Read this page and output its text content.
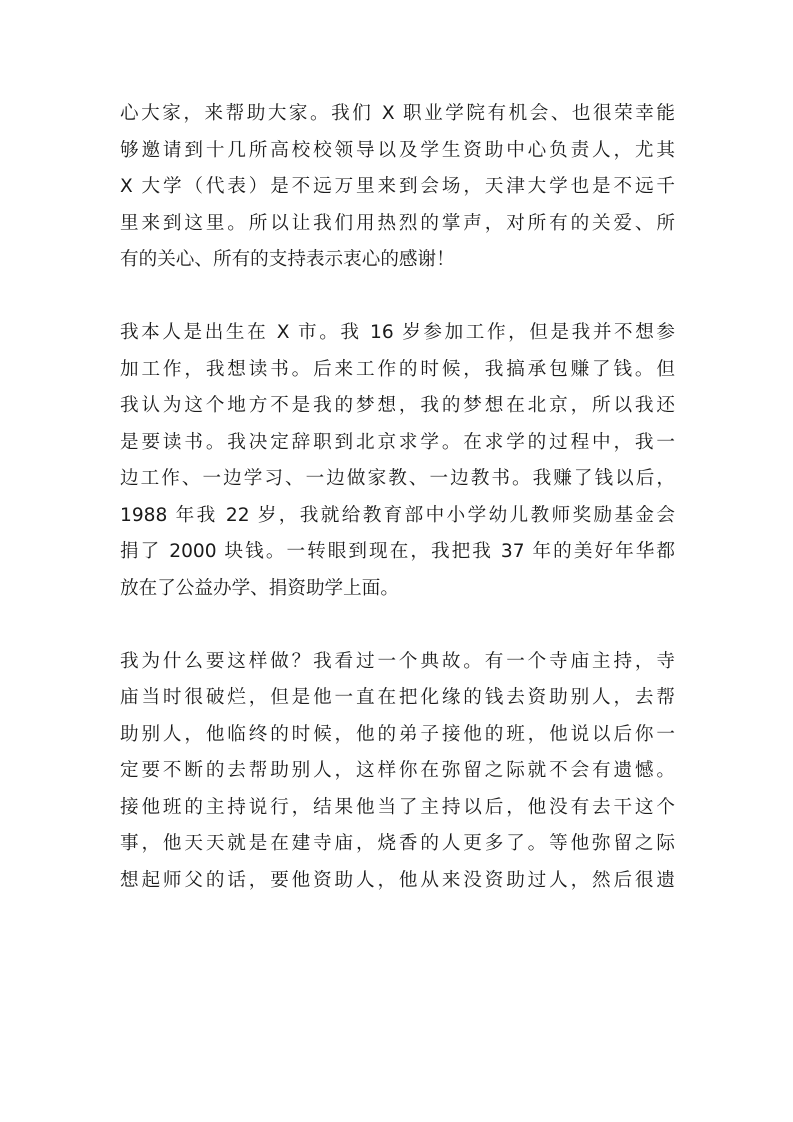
心大家，来帮助大家。我们 X 职业学院有机会、也很荣幸能
够邀请到十几所高校校领导以及学生资助中心负责人，尤其
X 大学（代表）是不远万里来到会场，天津大学也是不远千
里来到这里。所以让我们用热烈的掌声，对所有的关爱、所
有的关心、所有的支持表示衷心的感谢！
我本人是出生在 X 市。我 16 岁参加工作，但是我并不想参
加工作，我想读书。后来工作的时候，我搞承包赚了钱。但
我认为这个地方不是我的梦想，我的梦想在北京，所以我还
是要读书。我决定辞职到北京求学。在求学的过程中，我一
边工作、一边学习、一边做家教、一边教书。我赚了钱以后，
1988 年我 22 岁，我就给教育部中小学幼儿教师奖励基金会
捐了 2000 块钱。一转眼到现在，我把我 37 年的美好年华都
放在了公益办学、捐资助学上面。
我为什么要这样做？我看过一个典故。有一个寺庙主持，寺
庙当时很破烂，但是他一直在把化缘的钱去资助别人，去帮
助别人，他临终的时候，他的弟子接他的班，他说以后你一
定要不断的去帮助别人，这样你在弥留之际就不会有遗憾。
接他班的主持说行，结果他当了主持以后，他没有去干这个
事，他天天就是在建寺庙，烧香的人更多了。等他弥留之际
想起师父的话，要他资助人，他从来没资助过人，然后很遗
